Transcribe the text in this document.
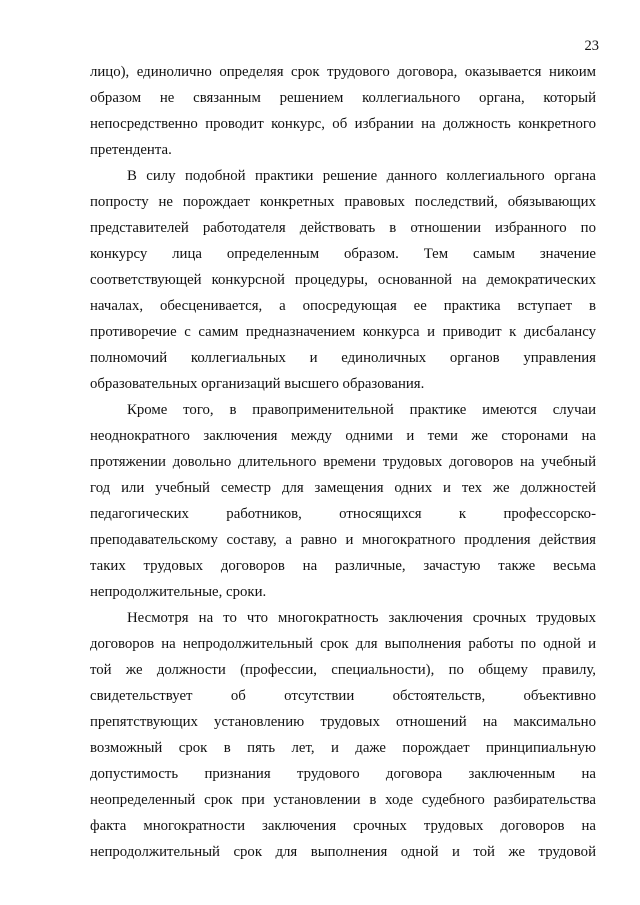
23
лицо), единолично определяя срок трудового договора, оказывается никоим
образом не связанным решением коллегиального органа, который
непосредственно проводит конкурс, об избрании на должность конкретного
претендента.
В силу подобной практики решение данного коллегиального органа
попросту не порождает конкретных правовых последствий, обязывающих
представителей работодателя действовать в отношении избранного по
конкурсу лица определенным образом. Тем самым значение
соответствующей конкурсной процедуры, основанной на демократических
началах, обесценивается, а опосредующая ее практика вступает в
противоречие с самим предназначением конкурса и приводит к дисбалансу
полномочий коллегиальных и единоличных органов управления
образовательных организаций высшего образования.
Кроме того, в правоприменительной практике имеются случаи
неоднократного заключения между одними и теми же сторонами на
протяжении довольно длительного времени трудовых договоров на учебный
год или учебный семестр для замещения одних и тех же должностей
педагогических работников, относящихся к профессорско-
преподавательскому составу, а равно и многократного продления действия
таких трудовых договоров на различные, зачастую также весьма
непродолжительные, сроки.
Несмотря на то что многократность заключения срочных трудовых
договоров на непродолжительный срок для выполнения работы по одной и
той же должности (профессии, специальности), по общему правилу,
свидетельствует об отсутствии обстоятельств, объективно
препятствующих установлению трудовых отношений на максимально
возможный срок в пять лет, и даже порождает принципиальную
допустимость признания трудового договора заключенным на
неопределенный срок при установлении в ходе судебного разбирательства
факта многократности заключения срочных трудовых договоров на
непродолжительный срок для выполнения одной и той же трудовой
